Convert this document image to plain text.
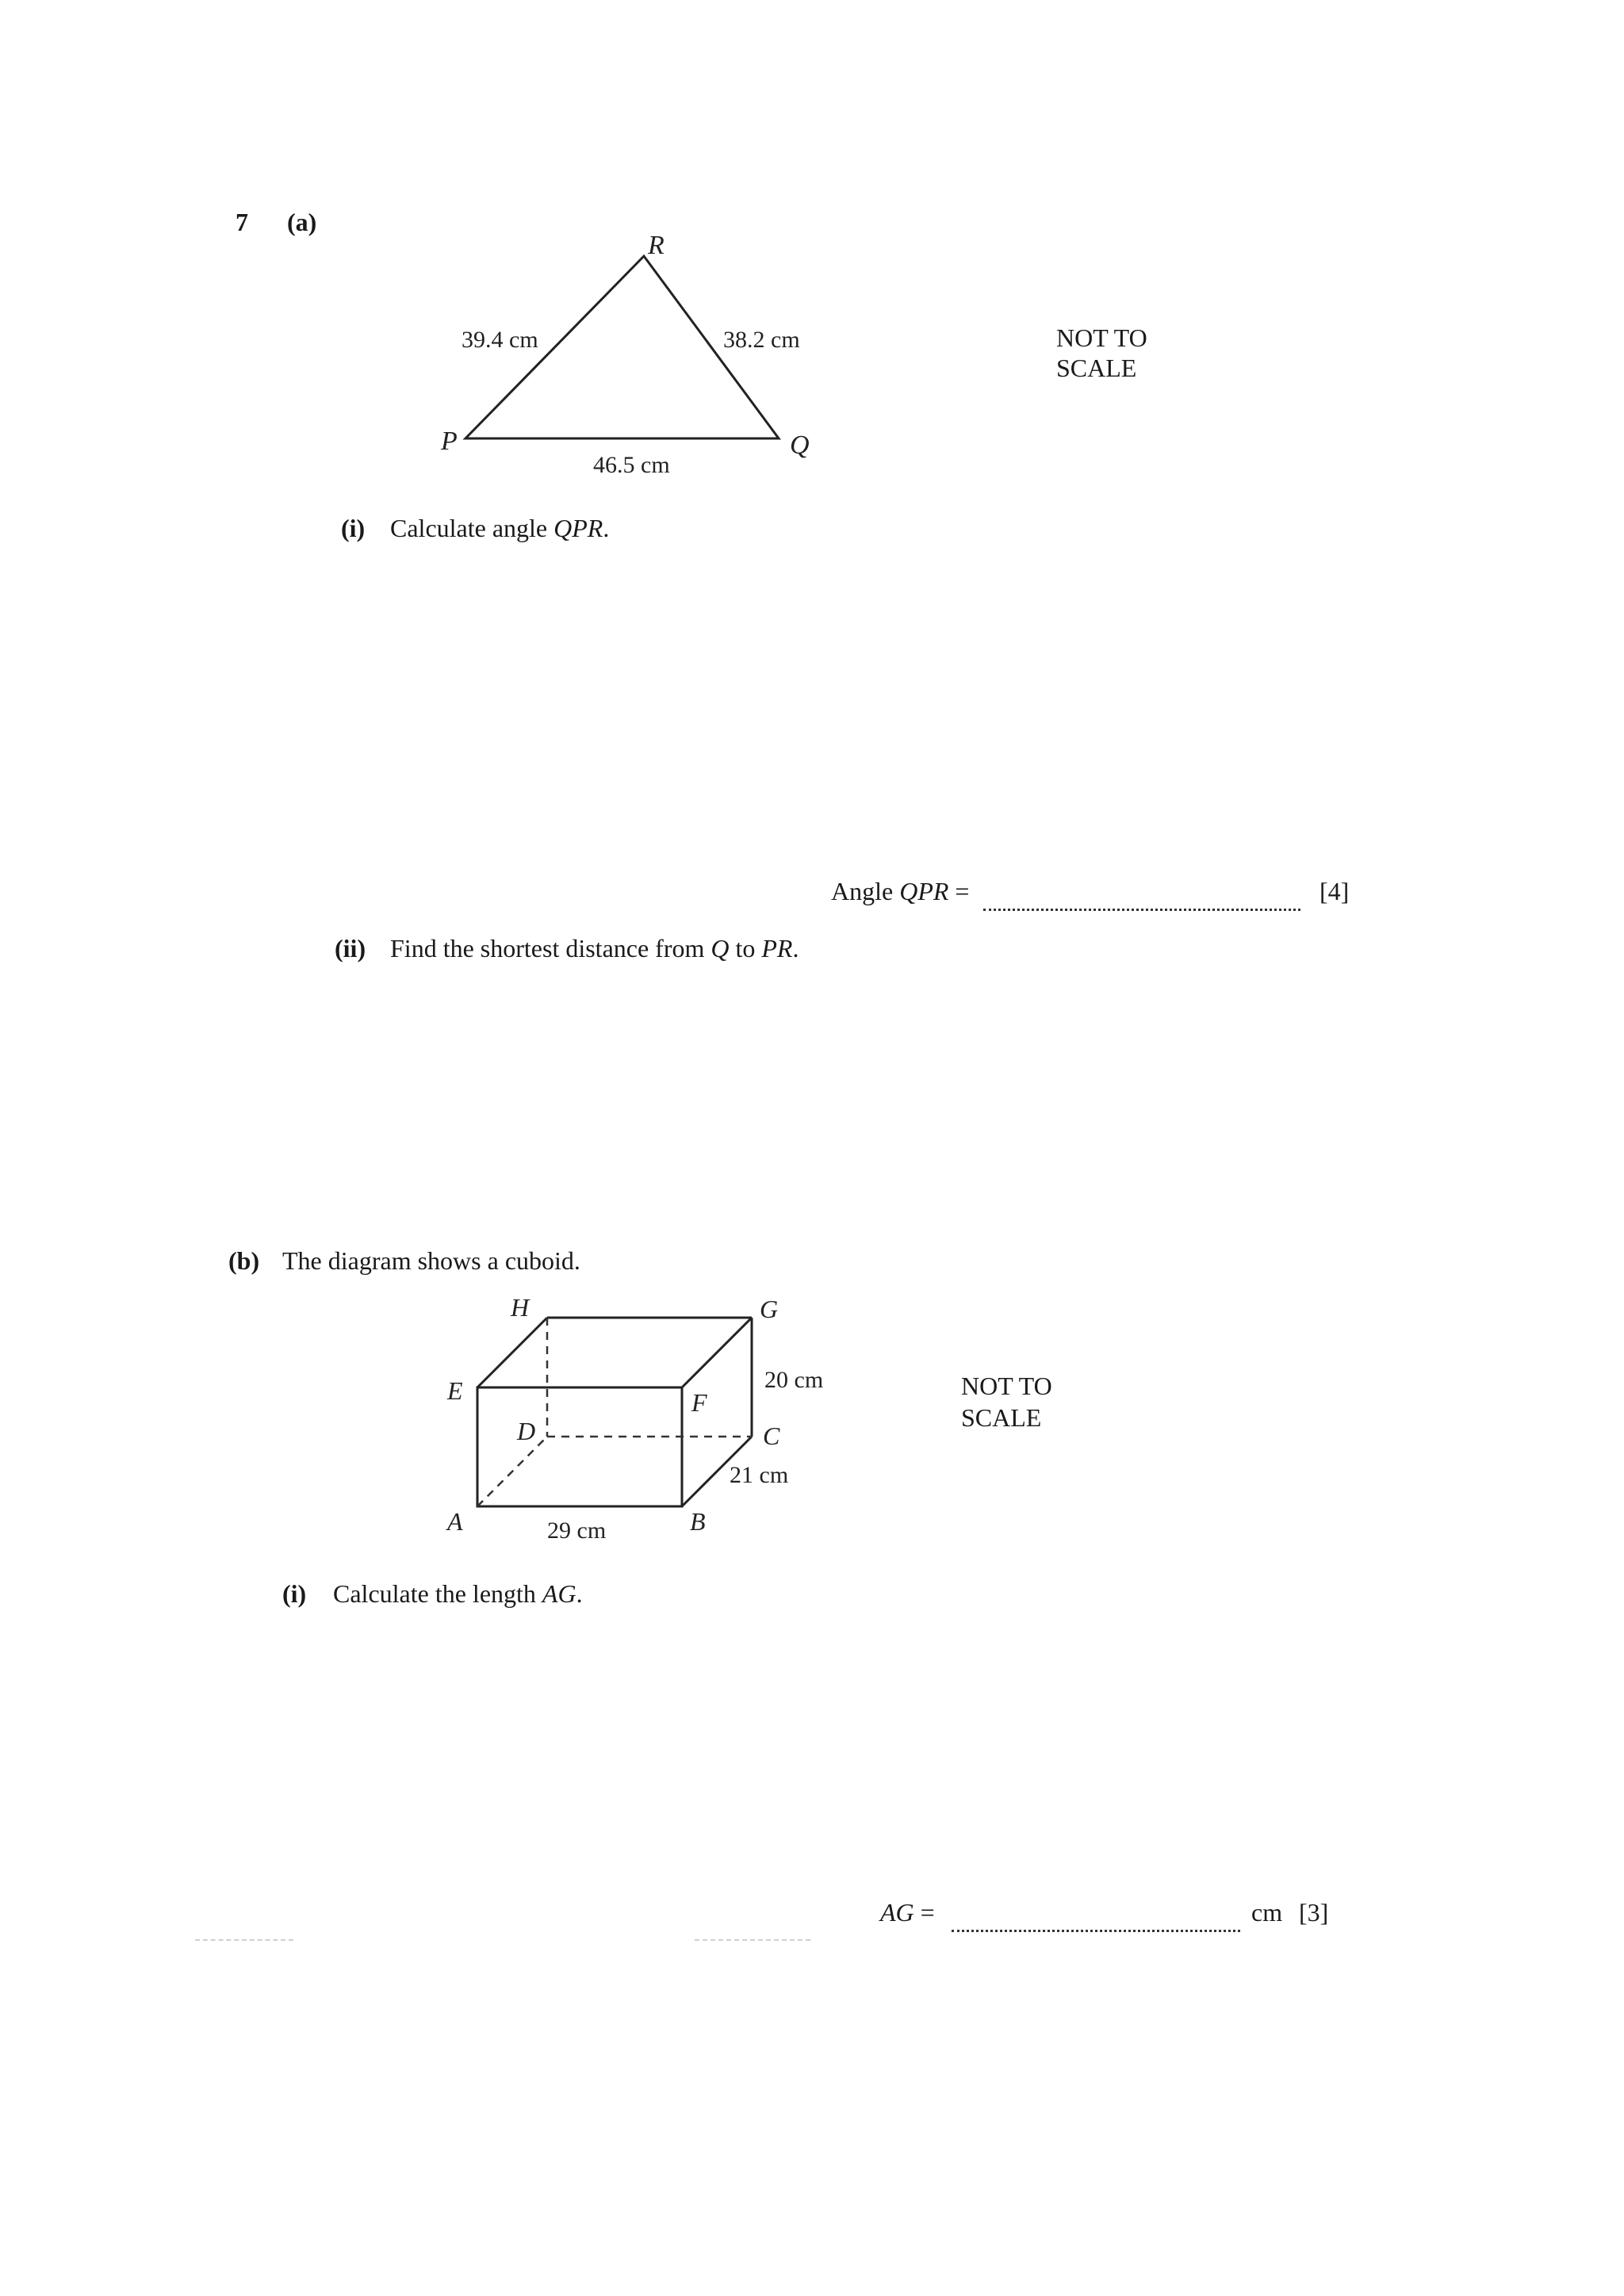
7 (a)
R
P	Q
39.4 cm	38.2 cm
46.5 cm
NOT TO
SCALE
(i) Calculate angle QPR.
Angle QPR =	[4]
(ii) Find the shortest distance from Q to PR.
(b) The diagram shows a cuboid.
H	G
E	F
D	C
A	B
20 cm
21 cm
29 cm
NOT TO
SCALE
(i) Calculate the length AG.
AG =	cm [3]
